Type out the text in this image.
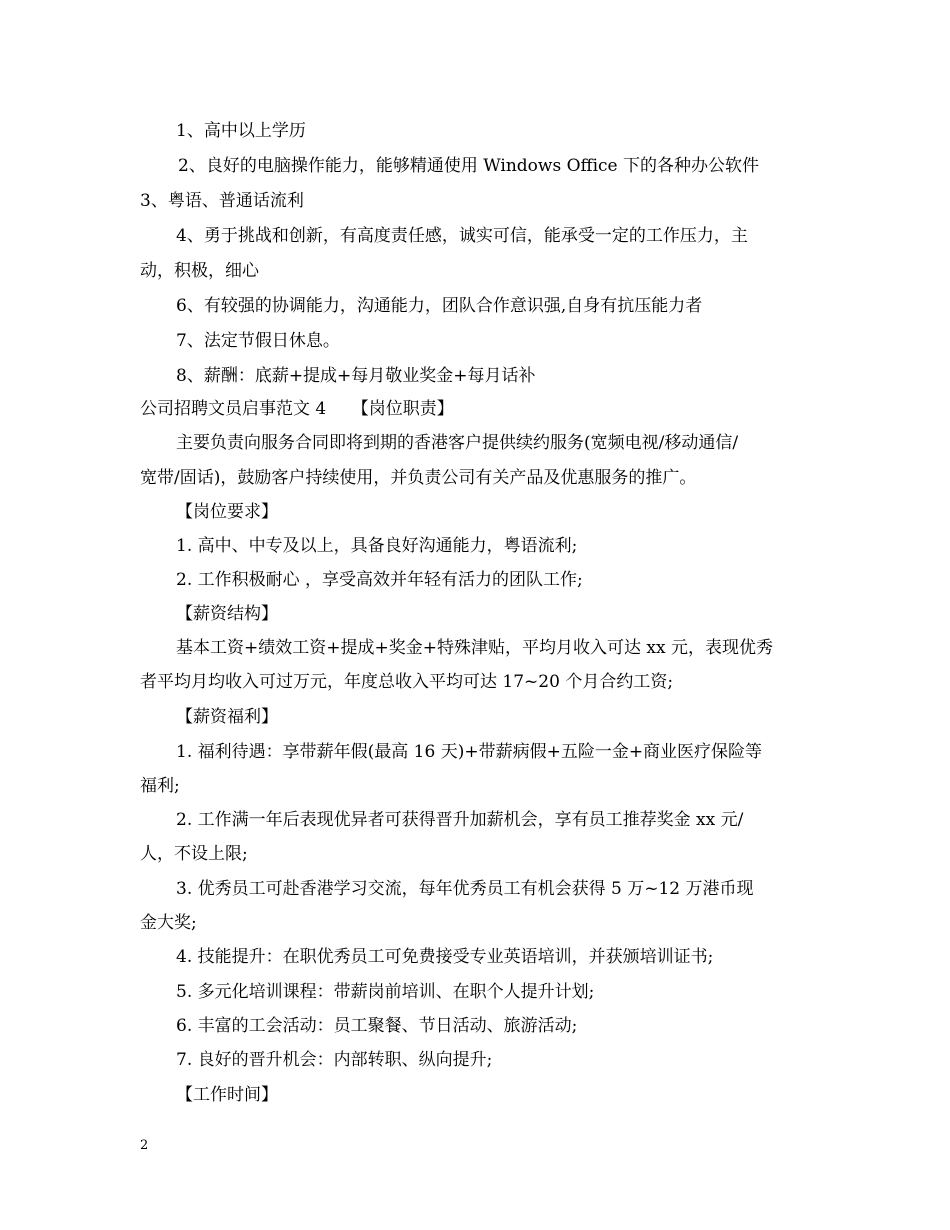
1、高中以上学历
2、良好的电脑操作能力，能够精通使用 Windows Office 下的各种办公软件
3、粤语、普通话流利
4、勇于挑战和创新，有高度责任感，诚实可信，能承受一定的工作压力，主
动，积极，细心
6、有较强的协调能力，沟通能力，团队合作意识强,自身有抗压能力者
7、法定节假日休息。
8、薪酬：底薪+提成+每月敬业奖金+每月话补
公司招聘文员启事范文 4　　【岗位职责】
主要负责向服务合同即将到期的香港客户提供续约服务(宽频电视/移动通信/
宽带/固话)，鼓励客户持续使用，并负责公司有关产品及优惠服务的推广。
【岗位要求】
1. 高中、中专及以上，具备良好沟通能力，粤语流利;
2. 工作积极耐心 ，享受高效并年轻有活力的团队工作;
【薪资结构】
基本工资+绩效工资+提成+奖金+特殊津贴，平均月收入可达 xx 元，表现优秀
者平均月均收入可过万元，年度总收入平均可达 17~20 个月合约工资;
【薪资福利】
1. 福利待遇：享带薪年假(最高 16 天)+带薪病假+五险一金+商业医疗保险等
福利;
2. 工作满一年后表现优异者可获得晋升加薪机会，享有员工推荐奖金 xx 元/
人，不设上限;
3. 优秀员工可赴香港学习交流，每年优秀员工有机会获得 5 万~12 万港币现
金大奖;
4. 技能提升：在职优秀员工可免费接受专业英语培训，并获颁培训证书;
5. 多元化培训课程：带薪岗前培训、在职个人提升计划;
6. 丰富的工会活动：员工聚餐、节日活动、旅游活动;
7. 良好的晋升机会：内部转职、纵向提升;
【工作时间】
2
